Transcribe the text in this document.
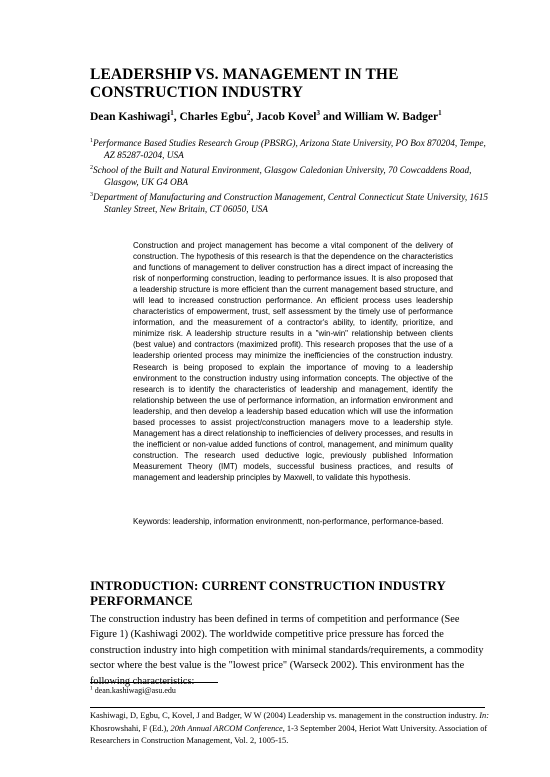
LEADERSHIP VS. MANAGEMENT IN THE CONSTRUCTION INDUSTRY
Dean Kashiwagi$^1$, Charles Egbu$^2$, Jacob Kovel$^3$ and William W. Badger$^1$
$^1$Performance Based Studies Research Group (PBSRG), Arizona State University, PO Box 870204, Tempe, AZ 85287-0204, USA
$^2$School of the Built and Natural Environment, Glasgow Caledonian University, 70 Cowcaddens Road, Glasgow, UK G4 OBA
$^3$Department of Manufacturing and Construction Management, Central Connecticut State University, 1615 Stanley Street, New Britain, CT 06050, USA

Construction and project management has become a vital component of the delivery of construction. The hypothesis of this research is that the dependence on the characteristics and functions of management to deliver construction has a direct impact of increasing the risk of nonperforming construction, leading to performance issues. It is also proposed that a leadership structure is more efficient than the current management based structure, and will lead to increased construction performance. An efficient process uses leadership characteristics of empowerment, trust, self assessment by the timely use of performance information, and the measurement of a contractor's ability, to identify, prioritize, and minimize risk. A leadership structure results in a "win-win" relationship between clients (best value) and contractors (maximized profit). This research proposes that the use of a leadership oriented process may minimize the inefficiencies of the construction industry. Research is being proposed to explain the importance of moving to a leadership environment to the construction industry using information concepts. The objective of the research is to identify the characteristics of leadership and management, identify the relationship between the use of performance information, an information environment and leadership, and then develop a leadership based education which will use the information based processes to assist project/construction managers move to a leadership style. Management has a direct relationship to inefficiencies of delivery processes, and results in the inefficient or non-value added functions of control, management, and minimum quality construction. The research used deductive logic, previously published Information Measurement Theory (IMT) models, successful business practices, and results of management and leadership principles by Maxwell, to validate this hypothesis.

Keywords: leadership, information environmentt, non-performance, performance-based.

INTRODUCTION: CURRENT CONSTRUCTION INDUSTRY PERFORMANCE

The construction industry has been defined in terms of competition and performance (See Figure 1) (Kashiwagi 2002). The worldwide competitive price pressure has forced the construction industry into high competition with minimal standards/requirements, a commodity sector where the best value is the "lowest price" (Warseck 2002). This environment has the following characteristics:

$^1$ dean.kashiwagi@asu.edu

Kashiwagi, D, Egbu, C, Kovel, J and Badger, W W (2004) Leadership vs. management in the construction industry. In: Khosrowshahi, F (Ed.), 20th Annual ARCOM Conference, 1-3 September 2004, Heriot Watt University. Association of Researchers in Construction Management, Vol. 2, 1005-15.
